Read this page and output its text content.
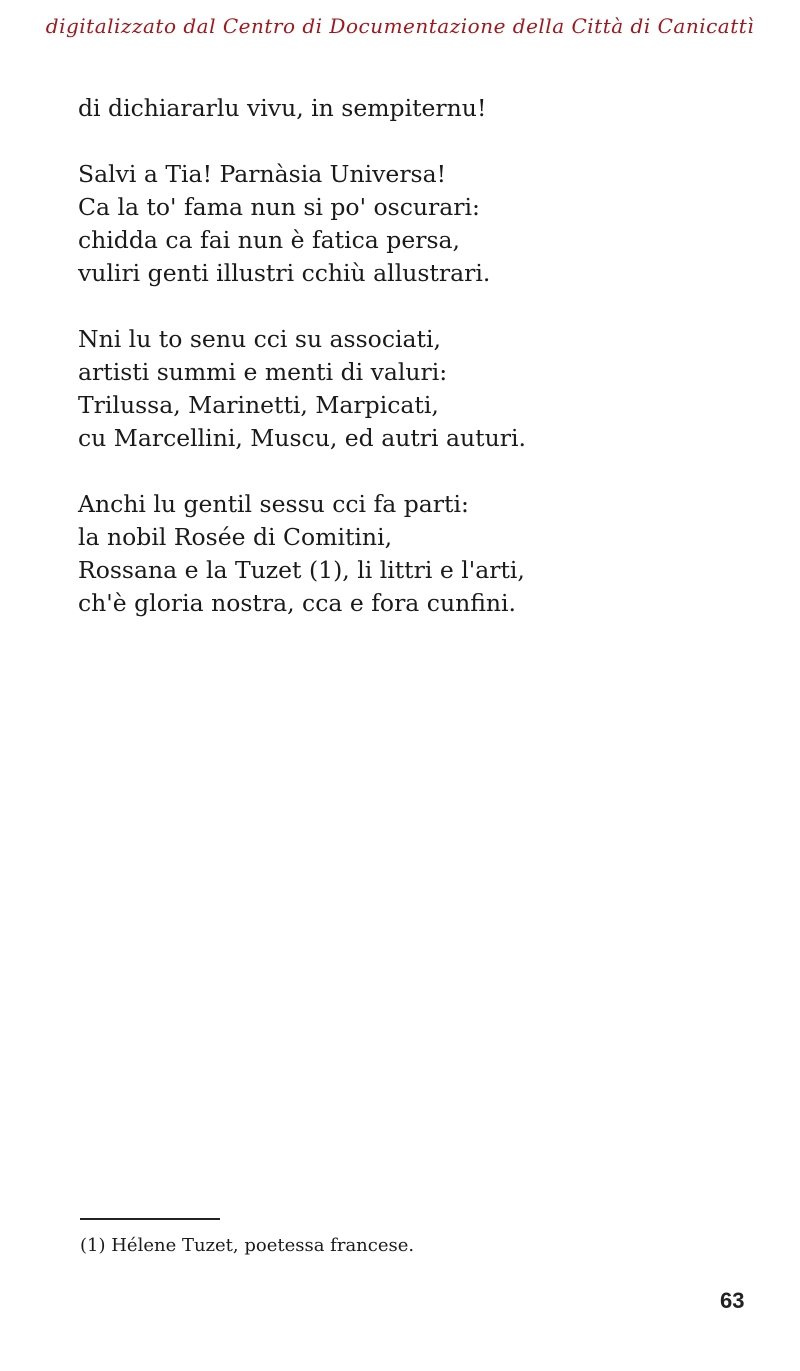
digitalizzato dal Centro di Documentazione della Città di Canicattì
di dichiararlu vivu, in sempiternu!
Salvi a Tia! Parnàsia Universa!
Ca la to' fama nun si po' oscurari:
chidda ca fai nun è fatica persa,
vuliri genti illustri cchiù allustrari.
Nni lu to senu cci su associati,
artisti summi e menti di valuri:
Trilussa, Marinetti, Marpicati,
cu Marcellini, Muscu, ed autri auturi.
Anchi lu gentil sessu cci fa parti:
la nobil Rosée di Comitini,
Rossana e la Tuzet (1), li littri e l'arti,
ch'è gloria nostra, cca e fora cunfini.
(1) Hélene Tuzet, poetessa francese.
63
